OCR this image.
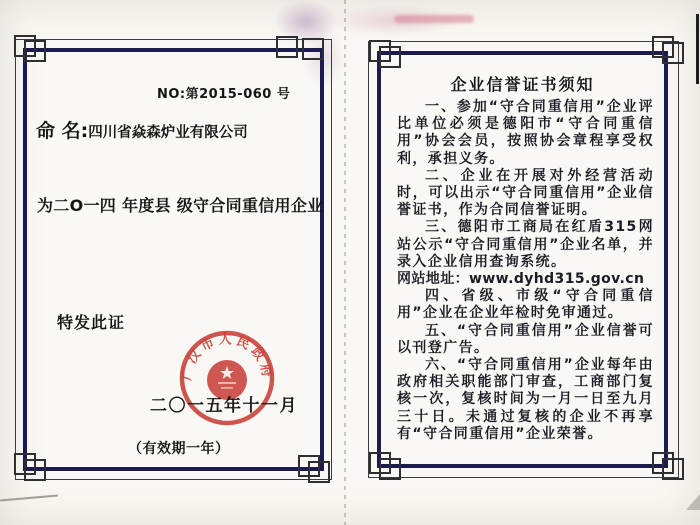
NO:第2015-060 号
命 名:四川省焱森炉业有限公司
为二O一四 年度县 级守合同重信用企业
特发此证
二〇一五年十一月
（有效期一年）
广汉市人民政府
企业信誉证书须知

一、参加“守合同重信用”企业评比单位必须是德阳市“守合同重信用”协会会员，按照协会章程享受权利，承担义务。

二、企业在开展对外经营活动时，可以出示“守合同重信用”企业信誉证书，作为合同信誉证明。

三、德阳市工商局在红盾315网站公示“守合同重信用”企业名单，并录入企业信用查询系统。

网站地址：www.dyhd315.gov.cn

四、省级、市级“守合同重信用”企业在企业年检时免审通过。

五、“守合同重信用”企业信誉可以刊登广告。

六、“守合同重信用”企业每年由政府相关职能部门审查，工商部门复核一次，复核时间为一月一日至九月三十日。未通过复核的企业不再享有“守合同重信用”企业荣誉。
